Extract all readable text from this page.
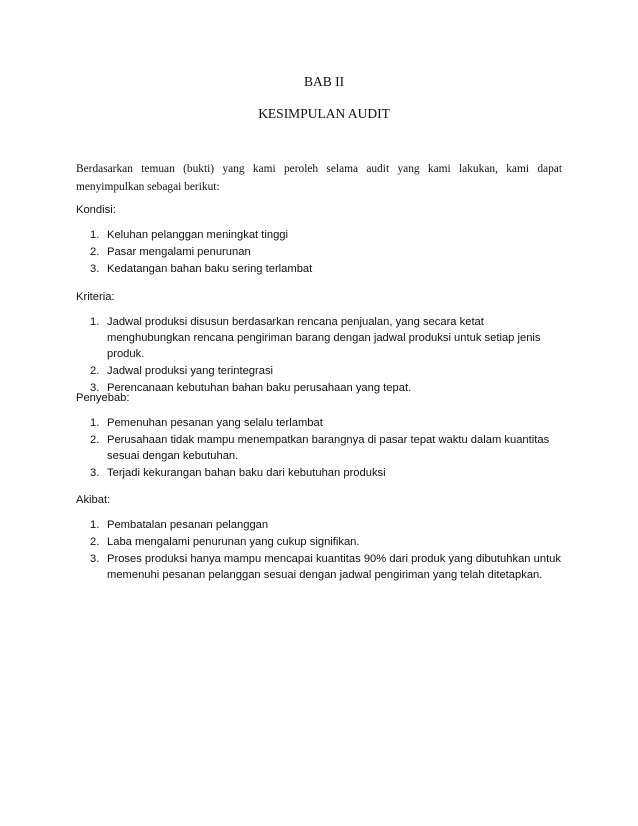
BAB II
KESIMPULAN AUDIT

Berdasarkan temuan (bukti) yang kami peroleh selama audit yang kami lakukan, kami dapat menyimpulkan sebagai berikut:

Kondisi:
1. Keluhan pelanggan meningkat tinggi
2. Pasar mengalami penurunan
3. Kedatangan bahan baku sering terlambat
Kriteria:
1. Jadwal produksi disusun berdasarkan rencana penjualan, yang secara ketat menghubungkan rencana pengiriman barang dengan jadwal produksi untuk setiap jenis produk.
2. Jadwal produksi yang terintegrasi
3. Perencanaan kebutuhan bahan baku perusahaan yang tepat.
Penyebab:
1. Pemenuhan pesanan yang selalu terlambat
2. Perusahaan tidak mampu menempatkan barangnya di pasar tepat waktu dalam kuantitas sesuai dengan kebutuhan.
3. Terjadi kekurangan bahan baku dari kebutuhan produksi
Akibat:
1. Pembatalan pesanan pelanggan
2. Laba mengalami penurunan yang cukup signifikan.
3. Proses produksi hanya mampu mencapai kuantitas 90% dari produk yang dibutuhkan untuk memenuhi pesanan pelanggan sesuai dengan jadwal pengiriman yang telah ditetapkan.
